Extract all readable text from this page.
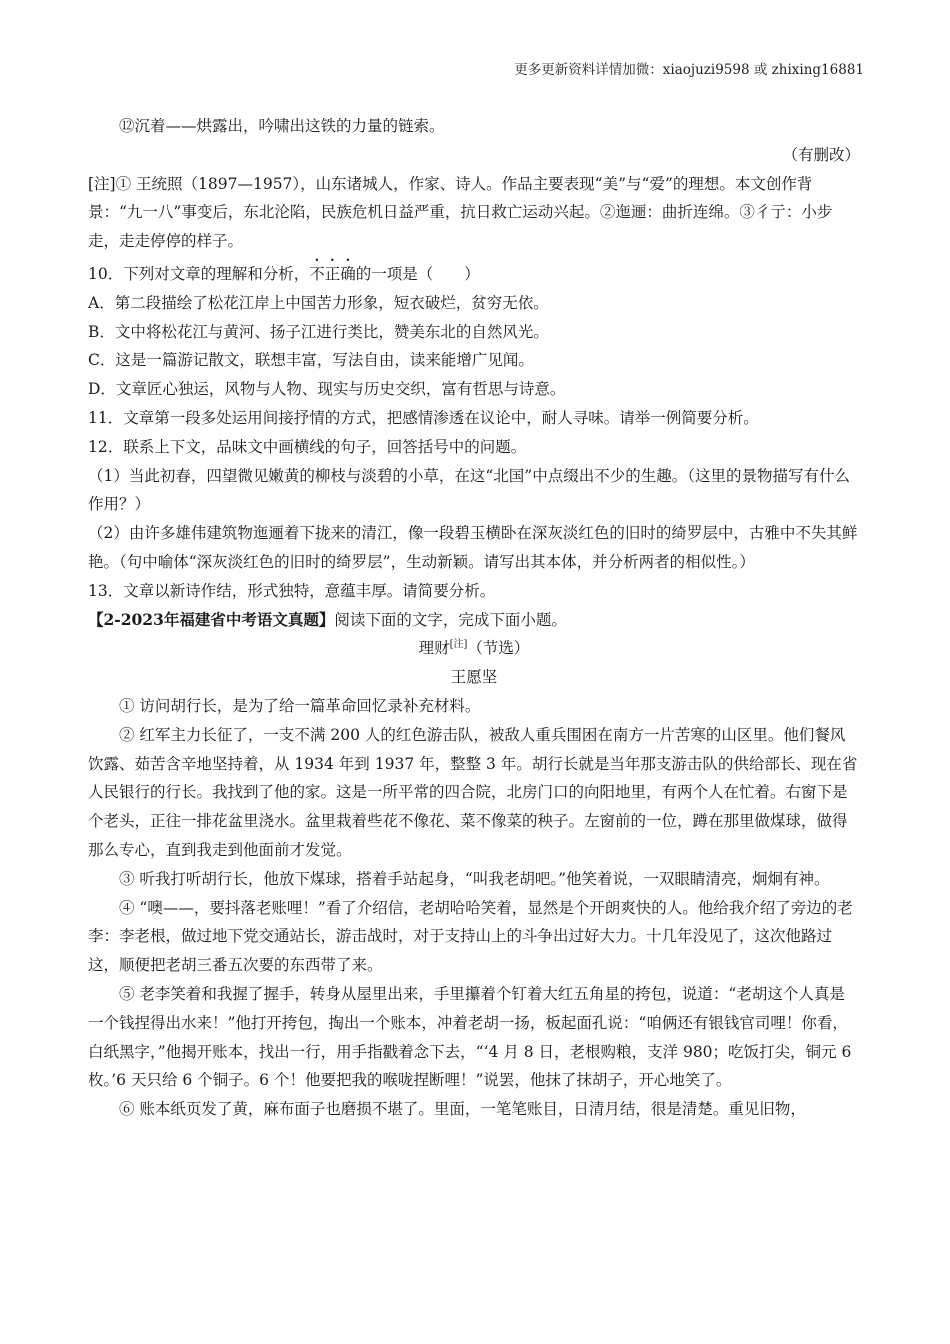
更多更新资料详情加微：xiaojuzi9598 或 zhixing16881

⑫沉着——烘露出，吟啸出这铁的力量的链索。

（有删改）

[注]① 王统照（1897—1957），山东诸城人，作家、诗人。作品主要表现“美”与“爱”的理想。本文创作背景：“九一八”事变后，东北沦陷，民族危机日益严重，抗日救亡运动兴起。②迤逦：曲折连绵。③彳亍：小步走，走走停停的样子。

10．下列对文章的理解和分析，不正确的一项是（　　）

A．第二段描绘了松花江岸上中国苦力形象，短衣破烂，贫穷无依。

B．文中将松花江与黄河、扬子江进行类比，赞美东北的自然风光。

C．这是一篇游记散文，联想丰富，写法自由，读来能增广见闻。

D．文章匠心独运，风物与人物、现实与历史交织，富有哲思与诗意。

11．文章第一段多处运用间接抒情的方式，把感情渗透在议论中，耐人寻味。请举一例简要分析。

12．联系上下文，品味文中画横线的句子，回答括号中的问题。

（1）当此初春，四望微见嫩黄的柳枝与淡碧的小草，在这“北国”中点缀出不少的生趣。（这里的景物描写有什么作用？）

（2）由许多雄伟建筑物迤逦着下拢来的清江，像一段碧玉横卧在深灰淡红色的旧时的绮罗层中，古雅中不失其鲜艳。（句中喻体“深灰淡红色的旧时的绮罗层”，生动新颖。请写出其本体，并分析两者的相似性。）

13．文章以新诗作结，形式独特，意蕴丰厚。请简要分析。

【2-2023年福建省中考语文真题】阅读下面的文字，完成下面小题。

理财[注]（节选）

王愿坚

① 访问胡行长，是为了给一篇革命回忆录补充材料。

② 红军主力长征了，一支不满 200 人的红色游击队，被敌人重兵围困在南方一片苦寒的山区里。他们餐风饮露、茹苦含辛地坚持着，从 1934 年到 1937 年，整整 3 年。胡行长就是当年那支游击队的供给部长、现在省人民银行的行长。我找到了他的家。这是一所平常的四合院，北房门口的向阳地里，有两个人在忙着。右窗下是个老头，正往一排花盆里浇水。盆里栽着些花不像花、菜不像菜的秧子。左窗前的一位，蹲在那里做煤球，做得那么专心，直到我走到他面前才发觉。

③ 听我打听胡行长，他放下煤球，搭着手站起身，“叫我老胡吧。”他笑着说，一双眼睛清亮，炯炯有神。

④ “噢——，要抖落老账哩！”看了介绍信，老胡哈哈笑着，显然是个开朗爽快的人。他给我介绍了旁边的老李：李老根，做过地下党交通站长，游击战时，对于支持山上的斗争出过好大力。十几年没见了，这次他路过这，顺便把老胡三番五次要的东西带了来。

⑤ 老李笑着和我握了握手，转身从屋里出来，手里攥着个钉着大红五角星的挎包，说道：“老胡这个人真是一个钱捏得出水来！”他打开挎包，掏出一个账本，冲着老胡一扬，板起面孔说：“咱俩还有银钱官司哩！你看，白纸黑字，”他揭开账本，找出一行，用手指戳着念下去，“‘4 月 8 日，老根购粮，支洋 980；吃饭打尖，铜元 6 枚。’6 天只给 6 个铜子。6 个！他要把我的喉咙捏断哩！”说罢，他抹了抹胡子，开心地笑了。

⑥ 账本纸页发了黄，麻布面子也磨损不堪了。里面，一笔笔账目，日清月结，很是清楚。重见旧物，
